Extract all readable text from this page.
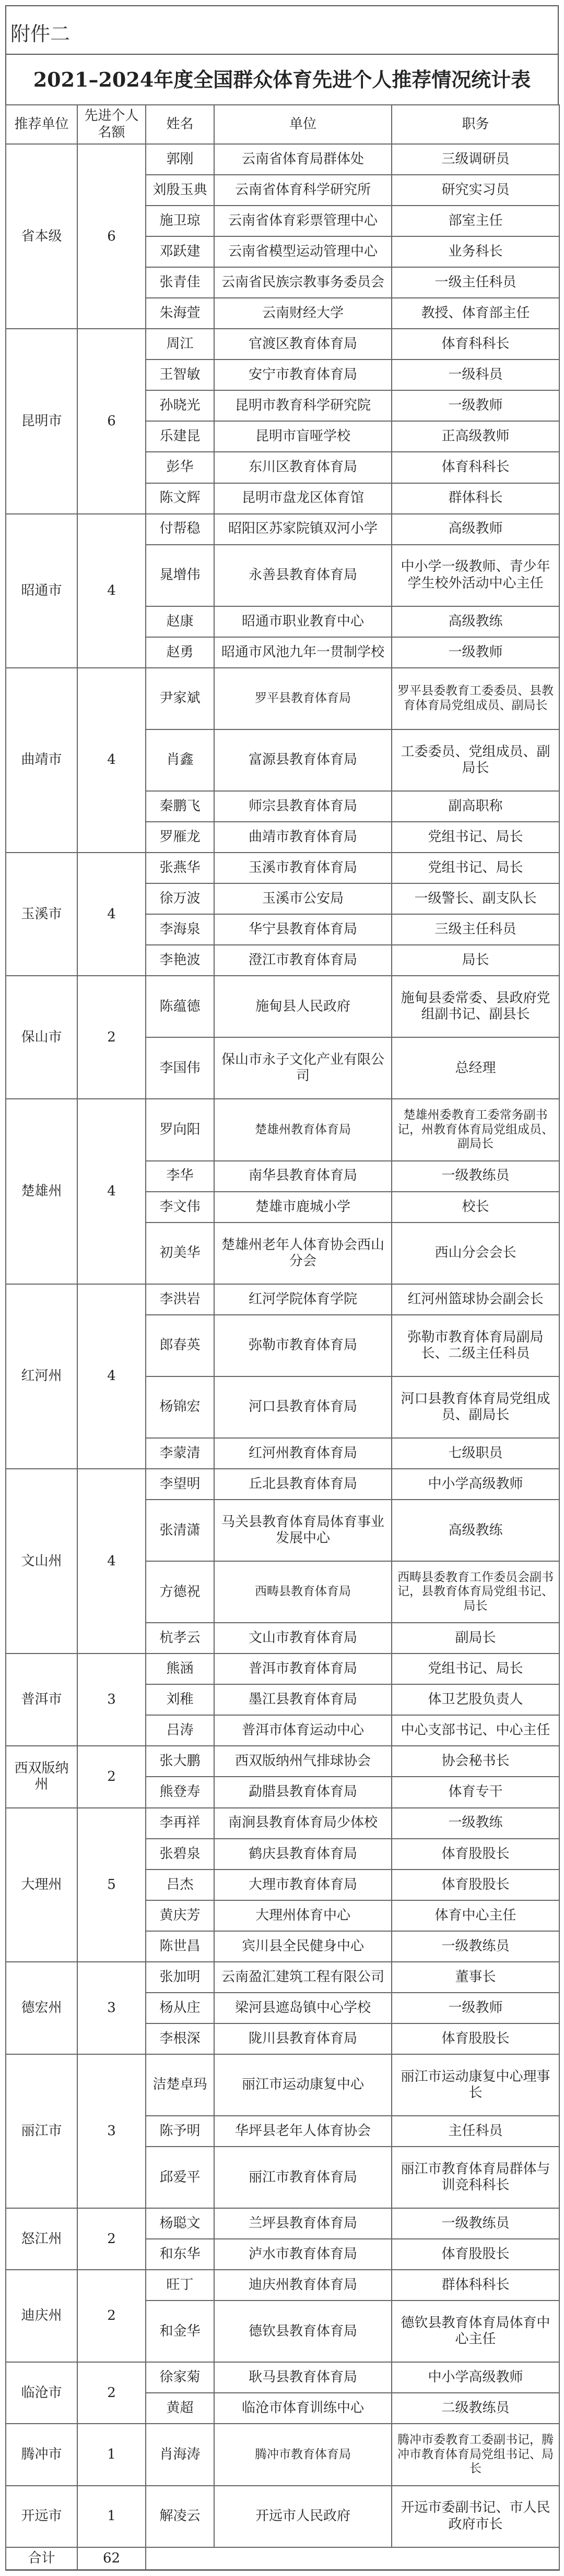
附件二
2021–2024年度全国群众体育先进个人推荐情况统计表
推荐单位	先进个人名额	姓名	单位	职务
省本级	6	郭刚	云南省体育局群体处	三级调研员
		刘殷玉典	云南省体育科学研究所	研究实习员
		施卫琼	云南省体育彩票管理中心	部室主任
		邓跃建	云南省模型运动管理中心	业务科长
		张青佳	云南省民族宗教事务委员会	一级主任科员
		朱海萱	云南财经大学	教授、体育部主任
昆明市	6	周江	官渡区教育体育局	体育科科长
		王智敏	安宁市教育体育局	一级科员
		孙晓光	昆明市教育科学研究院	一级教师
		乐建昆	昆明市盲哑学校	正高级教师
		彭华	东川区教育体育局	体育科科长
		陈文辉	昆明市盘龙区体育馆	群体科长
昭通市	4	付帮稳	昭阳区苏家院镇双河小学	高级教师
		晁增伟	永善县教育体育局	中小学一级教师、青少年学生校外活动中心主任
		赵康	昭通市职业教育中心	高级教练
		赵勇	昭通市风池九年一贯制学校	一级教师
曲靖市	4	尹家斌	罗平县教育体育局	罗平县委教育工委委员、县教育体育局党组成员、副局长
		肖鑫	富源县教育体育局	工委委员、党组成员、副局长
		秦鹏飞	师宗县教育体育局	副高职称
		罗雁龙	曲靖市教育体育局	党组书记、局长
玉溪市	4	张燕华	玉溪市教育体育局	党组书记、局长
		徐万波	玉溪市公安局	一级警长、副支队长
		李海泉	华宁县教育体育局	三级主任科员
		李艳波	澄江市教育体育局	局长
保山市	2	陈蕴德	施甸县人民政府	施甸县委常委、县政府党组副书记、副县长
		李国伟	保山市永子文化产业有限公司	总经理
楚雄州	4	罗向阳	楚雄州教育体育局	楚雄州委教育工委常务副书记，州教育体育局党组成员、副局长
		李华	南华县教育体育局	一级教练员
		李文伟	楚雄市鹿城小学	校长
		初美华	楚雄州老年人体育协会西山分会	西山分会会长
红河州	4	李洪岩	红河学院体育学院	红河州篮球协会副会长
		郎春英	弥勒市教育体育局	弥勒市教育体育局副局长、二级主任科员
		杨锦宏	河口县教育体育局	河口县教育体育局党组成员、副局长
		李蒙清	红河州教育体育局	七级职员
文山州	4	李望明	丘北县教育体育局	中小学高级教师
		张清潇	马关县教育体育局体育事业发展中心	高级教练
		方德祝	西畴县教育体育局	西畴县委教育工作委员会副书记，县教育体育局党组书记、局长
		杭孝云	文山市教育体育局	副局长
普洱市	3	熊涵	普洱市教育体育局	党组书记、局长
		刘稚	墨江县教育体育局	体卫艺股负责人
		吕涛	普洱市体育运动中心	中心支部书记、中心主任
西双版纳州	2	张大鹏	西双版纳州气排球协会	协会秘书长
		熊登寿	勐腊县教育体育局	体育专干
大理州	5	李再祥	南涧县教育体育局少体校	一级教练
		张碧泉	鹤庆县教育体育局	体育股股长
		吕杰	大理市教育体育局	体育股股长
		黄庆芳	大理州体育中心	体育中心主任
		陈世昌	宾川县全民健身中心	一级教练员
德宏州	3	张加明	云南盈汇建筑工程有限公司	董事长
		杨从庄	梁河县遮岛镇中心学校	一级教师
		李根深	陇川县教育体育局	体育股股长
丽江市	3	洁楚卓玛	丽江市运动康复中心	丽江市运动康复中心理事长
		陈予明	华坪县老年人体育协会	主任科员
		邱爱平	丽江市教育体育局	丽江市教育体育局群体与训竞科科长
怒江州	2	杨聪文	兰坪县教育体育局	一级教练员
		和东华	泸水市教育体育局	体育股股长
迪庆州	2	旺丁	迪庆州教育体育局	群体科科长
		和金华	德钦县教育体育局	德钦县教育体育局体育中心主任
临沧市	2	徐家菊	耿马县教育体育局	中小学高级教师
		黄超	临沧市体育训练中心	二级教练员
腾冲市	1	肖海涛	腾冲市教育体育局	腾冲市委教育工委副书记，腾冲市教育体育局党组书记、局长
开远市	1	解凌云	开远市人民政府	开远市委副书记、市人民政府市长
合计	62			
